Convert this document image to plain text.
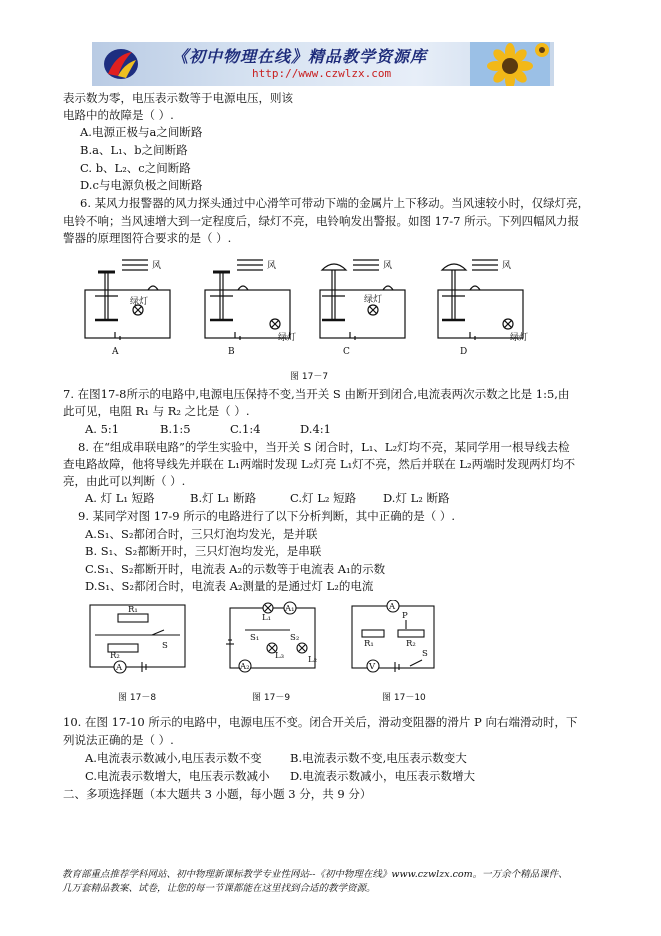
《初中物理在线》精品教学资源库
http://www.czwlzx.com
表示数为零，电压表示数等于电源电压，则该
电路中的故障是（ ）.
A.电源正极与a之间断路
B.a、L₁、b之间断路
C. b、L₂、c之间断路
D.c与电源负极之间断路
6. 某风力报警器的风力探头通过中心滑竿可带动下端的金属片上下移动。当风速较小时，仅绿灯亮，
电铃不响；当风速增大到一定程度后，绿灯不亮，电铃响发出警报。如图 17-7 所示。下列四幅风力报
警器的原理图符合要求的是（ ）.
风	风	风	风
绿灯
绿灯
绿灯
绿灯
A	B	C	D
图 17－7
7. 在图17-8所示的电路中,电源电压保持不变,当开关 S 由断开到闭合,电流表两次示数之比是 1:5,由
此可见，电阻 R₁ 与 R₂ 之比是（ ）.
A. 5:1	B.1:5	C.1:4	D.4:1
8. 在“组成串联电路”的学生实验中，当开关 S 闭合时，L₁、L₂灯均不亮，某同学用一根导线去检
查电路故障，他将导线先并联在 L₁两端时发现 L₂灯亮 L₁灯不亮，然后并联在 L₂两端时发现两灯均不
亮，由此可以判断（ ）.
A. 灯 L₁ 短路	B.灯 L₁ 断路	C.灯 L₂ 短路 D.灯 L₂ 断路
9. 某同学对图 17-9 所示的电路进行了以下分析判断，其中正确的是（ ）.
A.S₁、S₂都闭合时，三只灯泡均发光，是并联
B. S₁、S₂都断开时，三只灯泡均发光，是串联
C.S₁、S₂都断开时，电流表 A₂的示数等于电流表 A₁的示数
D.S₁、S₂都闭合时，电流表 A₂测量的是通过灯 L₂的电流
R₁
R₂
S
A
L₁
A₁
S₁	S₂
L₃
A₂
L₂
A
R₁
P
R₂
V
S
图 17－8	图 17－9	图 17－10
10. 在图 17-10 所示的电路中，电源电压不变。闭合开关后，滑动变阻器的滑片 P 向右端滑动时，下
列说法正确的是（ ）.
A.电流表示数减小,电压表示数不变 B.电流表示数不变,电压表示数变大
C.电流表示数增大，电压表示数减小 D.电流表示数减小，电压表示数增大
二、多项选择题（本大题共 3 小题，每小题 3 分，共 9 分）
教育部重点推荐学科网站、初中物理新课标教学专业性网站--《初中物理在线》www.czwlzx.com。一万余个精品课件、
几万套精品教案、试卷，让您的每一节课都能在这里找到合适的教学资源。
